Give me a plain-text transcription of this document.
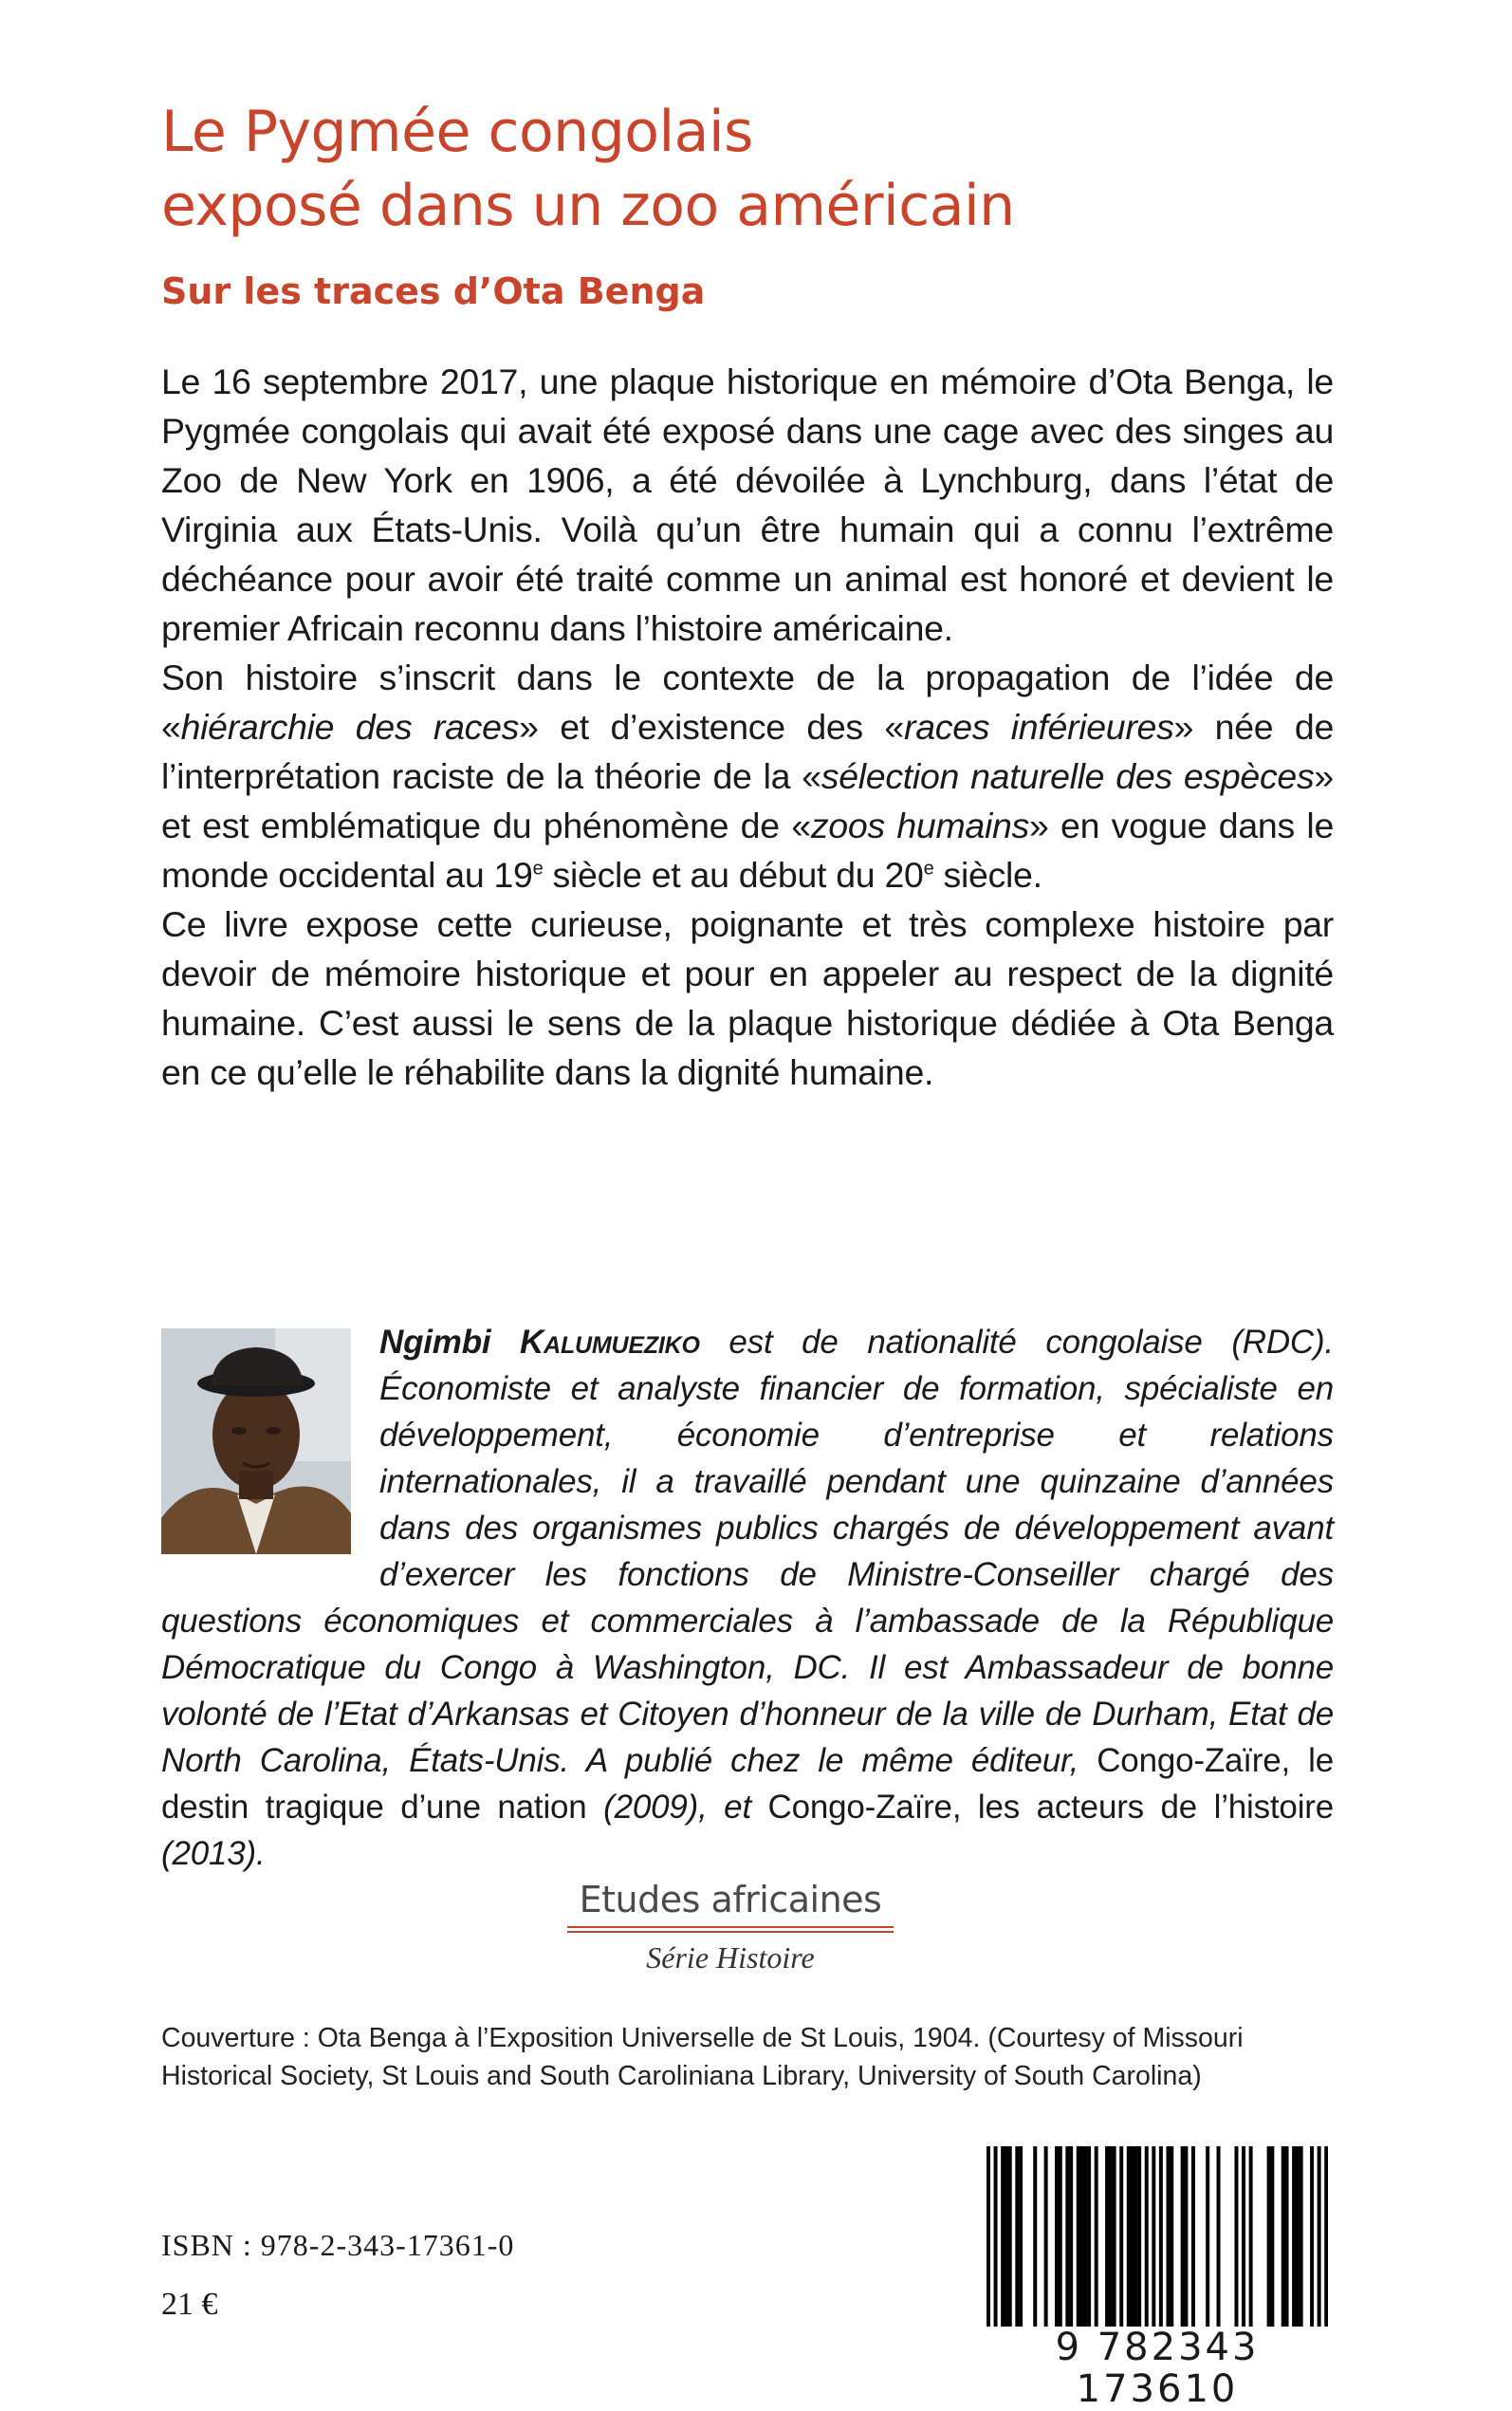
Le Pygmée congolais
exposé dans un zoo américain
Sur les traces d’Ota Benga

Le 16 septembre 2017, une plaque historique en mémoire d’Ota Benga, le Pygmée congolais qui avait été exposé dans une cage avec des singes au Zoo de New York en 1906, a été dévoilée à Lynchburg, dans l’état de Virginia aux États-Unis. Voilà qu’un être humain qui a connu l’extrême déchéance pour avoir été traité comme un animal est honoré et devient le premier Africain reconnu dans l’histoire américaine.

Son histoire s’inscrit dans le contexte de la propagation de l’idée de «hiérarchie des races» et d’existence des «races inférieures» née de l’interprétation raciste de la théorie de la «sélection naturelle des espèces» et est emblématique du phénomène de «zoos humains» en vogue dans le monde occidental au 19e siècle et au début du 20e siècle.

Ce livre expose cette curieuse, poignante et très complexe histoire par devoir de mémoire historique et pour en appeler au respect de la dignité humaine. C’est aussi le sens de la plaque historique dédiée à Ota Benga en ce qu’elle le réhabilite dans la dignité humaine.

Ngimbi Kalumueziko est de nationalité congolaise (RDC). Économiste et analyste financier de formation, spécialiste en développement, économie d’entreprise et relations internationales, il a travaillé pendant une quinzaine d’années dans des organismes publics chargés de développement avant d’exercer les fonctions de Ministre-Conseiller chargé des questions économiques et commerciales à l’ambassade de la République Démocratique du Congo à Washington, DC. Il est Ambassadeur de bonne volonté de l’Etat d’Arkansas et Citoyen d’honneur de la ville de Durham, Etat de North Carolina, États-Unis. A publié chez le même éditeur, Congo-Zaïre, le destin tragique d’une nation (2009), et Congo-Zaïre, les acteurs de l’histoire (2013).
Etudes africaines
Série Histoire
Couverture : Ota Benga à l’Exposition Universelle de St Louis, 1904. (Courtesy of Missouri
Historical Society, St Louis and South Caroliniana Library, University of South Carolina)
ISBN : 978-2-343-17361-0
21 €
9 782343 173610
